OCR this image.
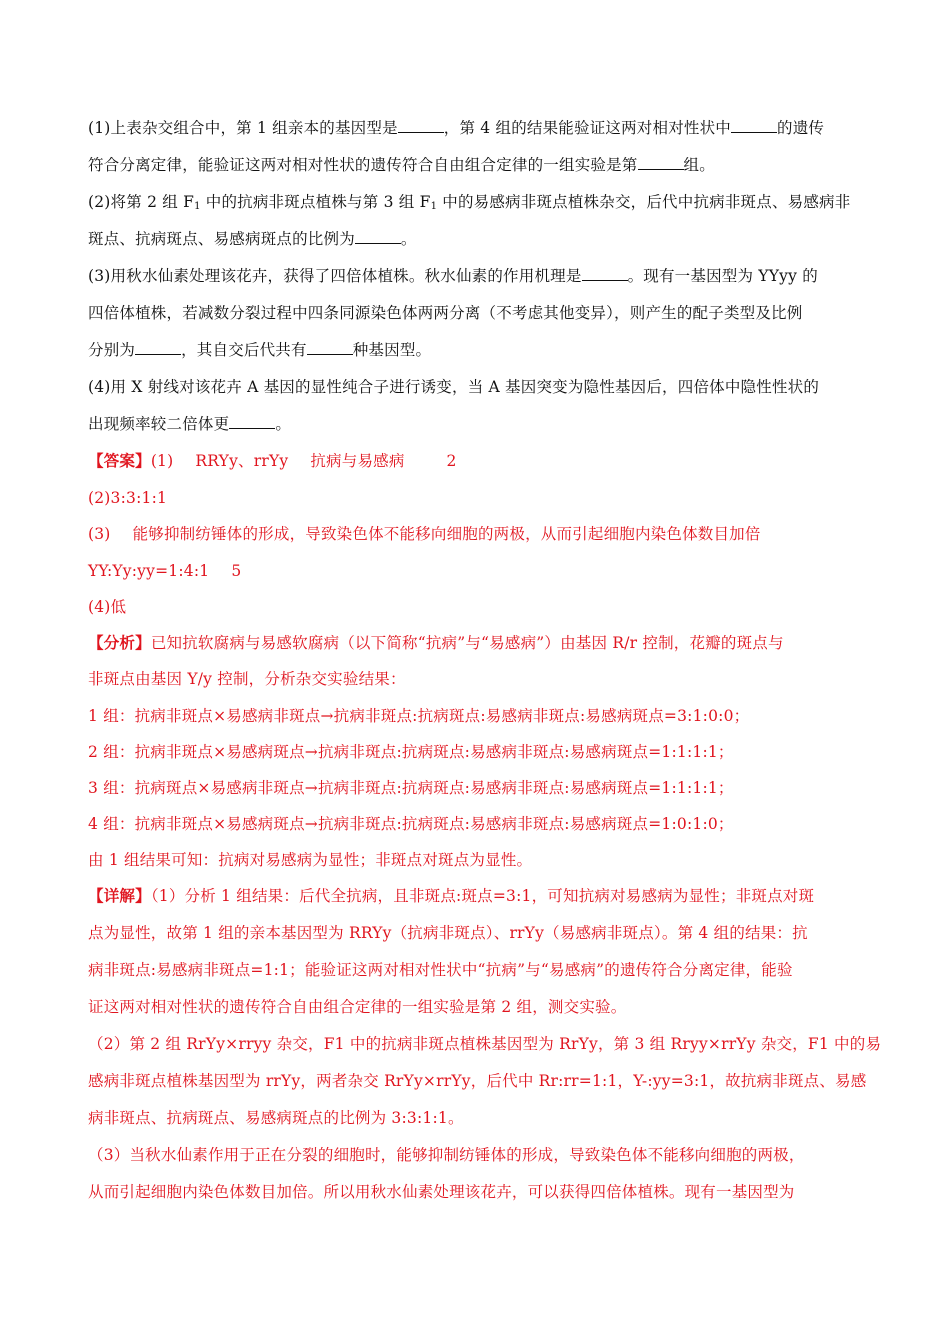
(1)上表杂交组合中，第 1 组亲本的基因型是	，第 4 组的结果能验证这两对相对性状中	的遗传
符合分离定律，能验证这两对相对性状的遗传符合自由组合定律的一组实验是第	组。
(2)将第 2 组 $F_1$ 中的抗病非斑点植株与第 3 组 $F_1$ 中的易感病非斑点植株杂交，后代中抗病非斑点、易感病非
斑点、抗病斑点、易感病斑点的比例为	。
(3)用秋水仙素处理该花卉，获得了四倍体植株。秋水仙素的作用机理是	。现有一基因型为 YYyy 的
四倍体植株，若减数分裂过程中四条同源染色体两两分离（不考虑其他变异），则产生的配子类型及比例
分别为	，其自交后代共有	种基因型。
(4)用 X 射线对该花卉 A 基因的显性纯合子进行诱变，当 A 基因突变为隐性基因后，四倍体中隐性性状的
出现频率较二倍体更	。
【答案】(1) RRYy、rrYy 抗病与易感病	2
(2)3:3:1:1
(3) 能够抑制纺锤体的形成，导致染色体不能移向细胞的两极，从而引起细胞内染色体数目加倍
YY:Yy:yy=1:4:1 5
(4)低
【分析】已知抗软腐病与易感软腐病（以下简称“抗病”与“易感病”）由基因 R/r 控制，花瓣的斑点与
非斑点由基因 Y/y 控制，分析杂交实验结果：
1 组：抗病非斑点×易感病非斑点→抗病非斑点:抗病斑点:易感病非斑点:易感病斑点=3:1:0:0；
2 组：抗病非斑点×易感病斑点→抗病非斑点:抗病斑点:易感病非斑点:易感病斑点=1:1:1:1；
3 组：抗病斑点×易感病非斑点→抗病非斑点:抗病斑点:易感病非斑点:易感病斑点=1:1:1:1；
4 组：抗病非斑点×易感病斑点→抗病非斑点:抗病斑点:易感病非斑点:易感病斑点=1:0:1:0；
由 1 组结果可知：抗病对易感病为显性；非斑点对斑点为显性。
【详解】（1）分析 1 组结果：后代全抗病，且非斑点:斑点=3:1，可知抗病对易感病为显性；非斑点对斑
点为显性，故第 1 组的亲本基因型为 RRYy（抗病非斑点）、rrYy（易感病非斑点）。第 4 组的结果：抗
病非斑点:易感病非斑点=1:1；能验证这两对相对性状中“抗病”与“易感病”的遗传符合分离定律，能验
证这两对相对性状的遗传符合自由组合定律的一组实验是第 2 组，测交实验。
（2）第 2 组 RrYy×rryy 杂交，F1 中的抗病非斑点植株基因型为 RrYy，第 3 组 Rryy×rrYy 杂交，F1 中的易
感病非斑点植株基因型为 rrYy，两者杂交 RrYy×rrYy，后代中 Rr:rr=1:1，Y-:yy=3:1，故抗病非斑点、易感
病非斑点、抗病斑点、易感病斑点的比例为 3:3:1:1。
（3）当秋水仙素作用于正在分裂的细胞时，能够抑制纺锤体的形成，导致染色体不能移向细胞的两极，
从而引起细胞内染色体数目加倍。所以用秋水仙素处理该花卉，可以获得四倍体植株。现有一基因型为
